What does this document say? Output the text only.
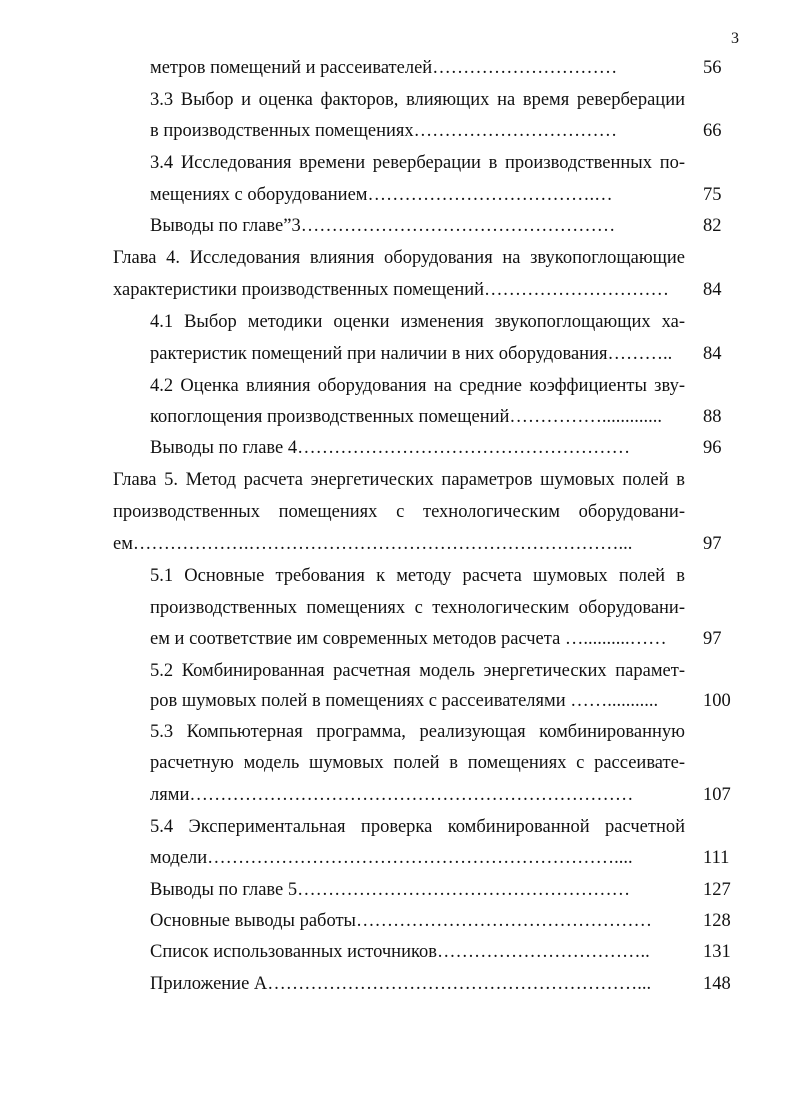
3
метров помещений и рассеивателей…………………………	56
3.3 Выбор и оценка факторов, влияющих на время реверберации
в производственных помещениях……………………………	66
3.4 Исследования времени реверберации в производственных по-
мещениях с оборудованием……………………………….…	75
Выводы по главеˮ3……………………………………………	82
Глава 4. Исследования влияния оборудования на звукопоглощающие
характеристики производственных помещений………………………… 84
4.1 Выбор методики оценки изменения звукопоглощающих ха-
рактеристик помещений при наличии в них оборудования……….. 84
4.2 Оценка влияния оборудования на средние коэффициенты зву-
копоглощения производственных помещений……………............. 88
Выводы по главе 4………………………………………………	96
Глава 5. Метод расчета энергетических параметров шумовых полей в
производственных помещениях с технологическим оборудовани-
ем……………….……………………………………………………...	97
5.1 Основные требования к методу расчета шумовых полей в
производственных помещениях с технологическим оборудовани-
ем и соответствие им современных методов расчета …..........…… 97
5.2 Комбинированная расчетная модель энергетических парамет-
ров шумовых полей в помещениях с рассеивателями ……........... 100
5.3 Компьютерная программа, реализующая комбинированную
расчетную модель шумовых полей в помещениях с рассеивате-
лями………………………………………………………………	107
5.4 Экспериментальная проверка комбинированной расчетной
модели…………………………………………………………....	111
Выводы по главе 5………………………………………………	127
Основные выводы работы…………………………………………	128
Список использованных источников……………………………..	131
Приложение А……………………………………………………...	148
